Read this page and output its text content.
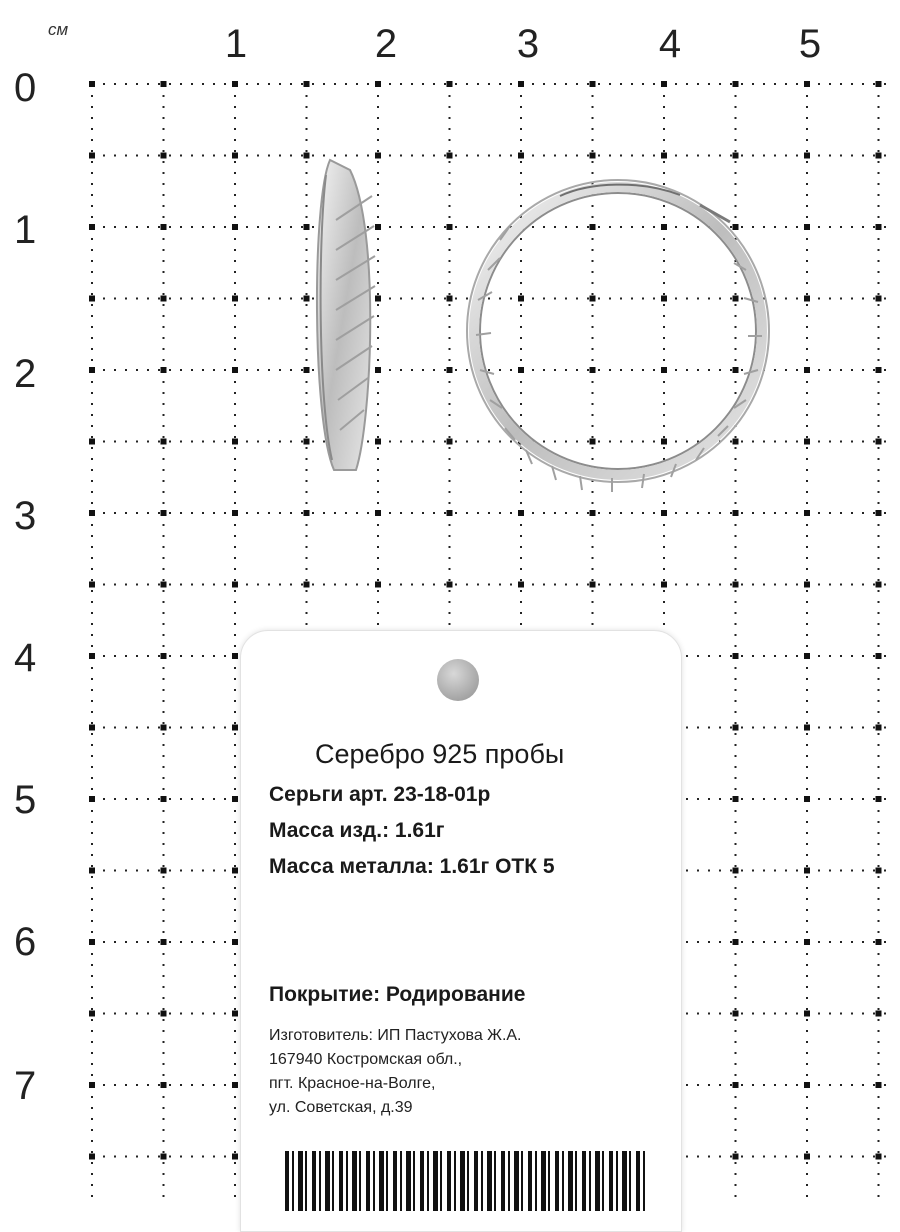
см	1	2	3	4	5
0
1
2
3
4
5
6
7
Серебро 925 пробы
Серьги арт. 23-18-01р
Масса изд.: 1.61г
Масса металла: 1.61г ОТК 5
Покрытие: Родирование
Изготовитель: ИП Пастухова Ж.А.
167940 Костромская обл.,
пгт. Красное-на-Волге,
ул. Советская, д.39
